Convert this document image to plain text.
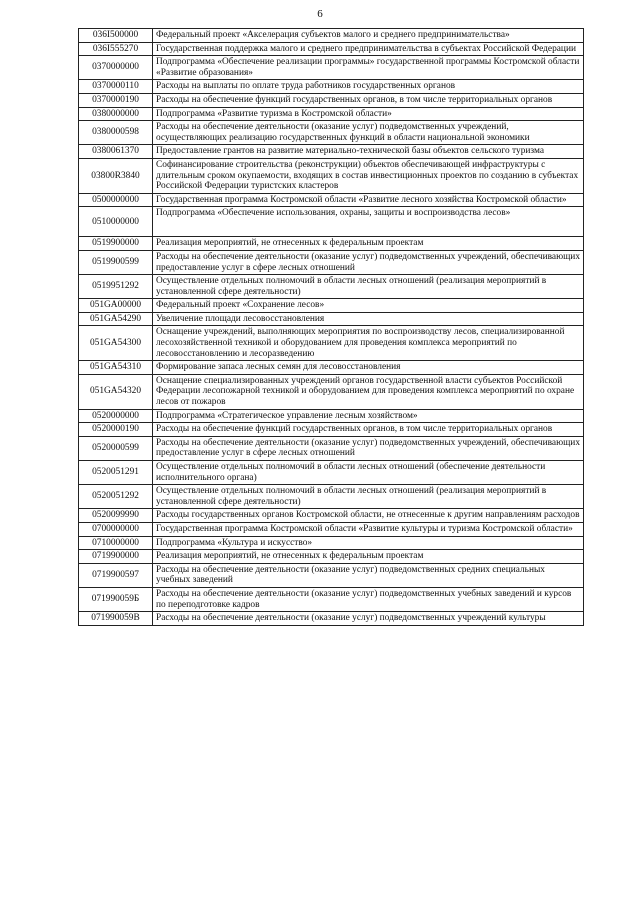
6
036I500000	Федеральный проект «Акселерация субъектов малого и среднего предпринимательства»
036I555270	Государственная поддержка малого и среднего предпринимательства в субъектах Российской Федерации
0370000000	Подпрограмма «Обеспечение реализации программы» государственной программы Костромской области «Развитие образования»
0370000110	Расходы на выплаты по оплате труда работников государственных органов
0370000190	Расходы на обеспечение функций государственных органов, в том числе территориальных органов
0380000000	Подпрограмма «Развитие туризма в Костромской области»
0380000598	Расходы на обеспечение деятельности (оказание услуг) подведомственных учреждений, осуществляющих реализацию государственных функций в области национальной экономики
0380061370	Предоставление грантов на развитие материально-технической базы объектов сельского туризма
03800R3840	Софинансирование строительства (реконструкции) объектов обеспечивающей инфраструктуры с длительным сроком окупаемости, входящих в состав инвестиционных проектов по созданию в субъектах Российской Федерации туристских кластеров
0500000000	Государственная программа Костромской области «Развитие лесного хозяйства Костромской области»
0510000000	Подпрограмма «Обеспечение использования, охраны, защиты и воспроизводства лесов»
0519900000	Реализация мероприятий, не отнесенных к федеральным проектам
0519900599	Расходы на обеспечение деятельности (оказание услуг) подведомственных учреждений, обеспечивающих предоставление услуг в сфере лесных отношений
0519951292	Осуществление отдельных полномочий в области лесных отношений (реализация мероприятий в установленной сфере деятельности)
051GA00000	Федеральный проект «Сохранение лесов»
051GA54290	Увеличение площади лесовосстановления
051GA54300	Оснащение учреждений, выполняющих мероприятия по воспроизводству лесов, специализированной лесохозяйственной техникой и оборудованием для проведения комплекса мероприятий по лесовосстановлению и лесоразведению
051GA54310	Формирование запаса лесных семян для лесовосстановления
051GA54320	Оснащение специализированных учреждений органов государственной власти субъектов Российской Федерации лесопожарной техникой и оборудованием для проведения комплекса мероприятий по охране лесов от пожаров
0520000000	Подпрограмма «Стратегическое управление лесным хозяйством»
0520000190	Расходы на обеспечение функций государственных органов, в том числе территориальных органов
0520000599	Расходы на обеспечение деятельности (оказание услуг) подведомственных учреждений, обеспечивающих предоставление услуг в сфере лесных отношений
0520051291	Осуществление отдельных полномочий в области лесных отношений (обеспечение деятельности исполнительного органа)
0520051292	Осуществление отдельных полномочий в области лесных отношений (реализация мероприятий в установленной сфере деятельности)
0520099990	Расходы государственных органов Костромской области, не отнесенные к другим направлениям расходов
0700000000	Государственная программа Костромской области «Развитие культуры и туризма Костромской области»
0710000000	Подпрограмма «Культура и искусство»
0719900000	Реализация мероприятий, не отнесенных к федеральным проектам
0719900597	Расходы на обеспечение деятельности (оказание услуг) подведомственных средних специальных учебных заведений
071990059Б	Расходы на обеспечение деятельности (оказание услуг) подведомственных учебных заведений и курсов по переподготовке кадров
071990059В	Расходы на обеспечение деятельности (оказание услуг) подведомственных учреждений культуры
